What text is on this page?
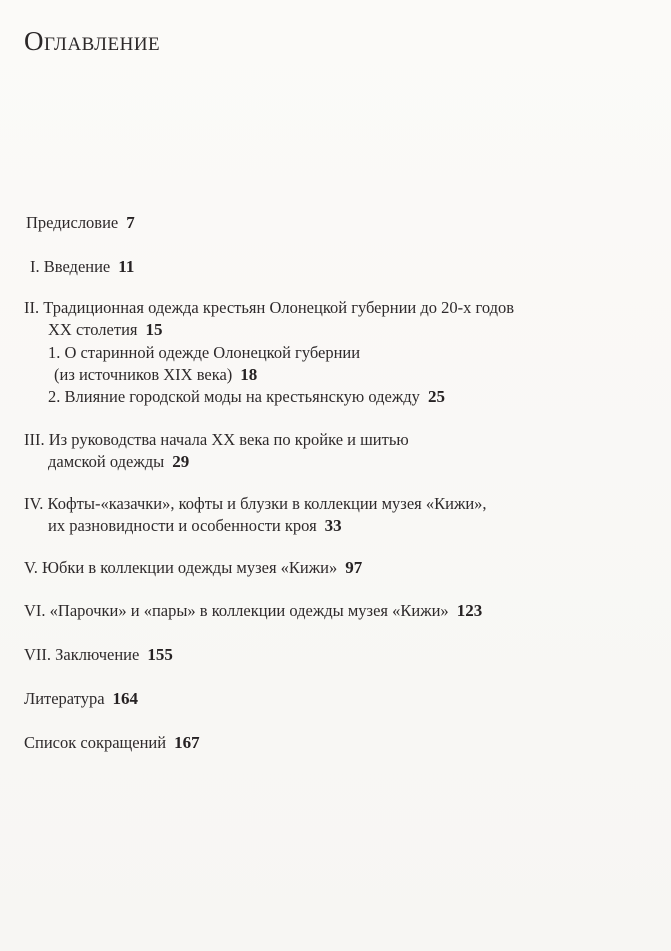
Оглавление
Предисловие 7
I. Введение 11
II. Традиционная одежда крестьян Олонецкой губернии до 20-х годов
XX столетия 15
1. О старинной одежде Олонецкой губернии
(из источников XIX века) 18
2. Влияние городской моды на крестьянскую одежду 25
III. Из руководства начала XX века по кройке и шитью
дамской одежды 29
IV. Кофты-«казачки», кофты и блузки в коллекции музея «Кижи»,
их разновидности и особенности кроя 33
V. Юбки в коллекции одежды музея «Кижи» 97
VI. «Парочки» и «пары» в коллекции одежды музея «Кижи» 123
VII. Заключение 155
Литература 164
Список сокращений 167
